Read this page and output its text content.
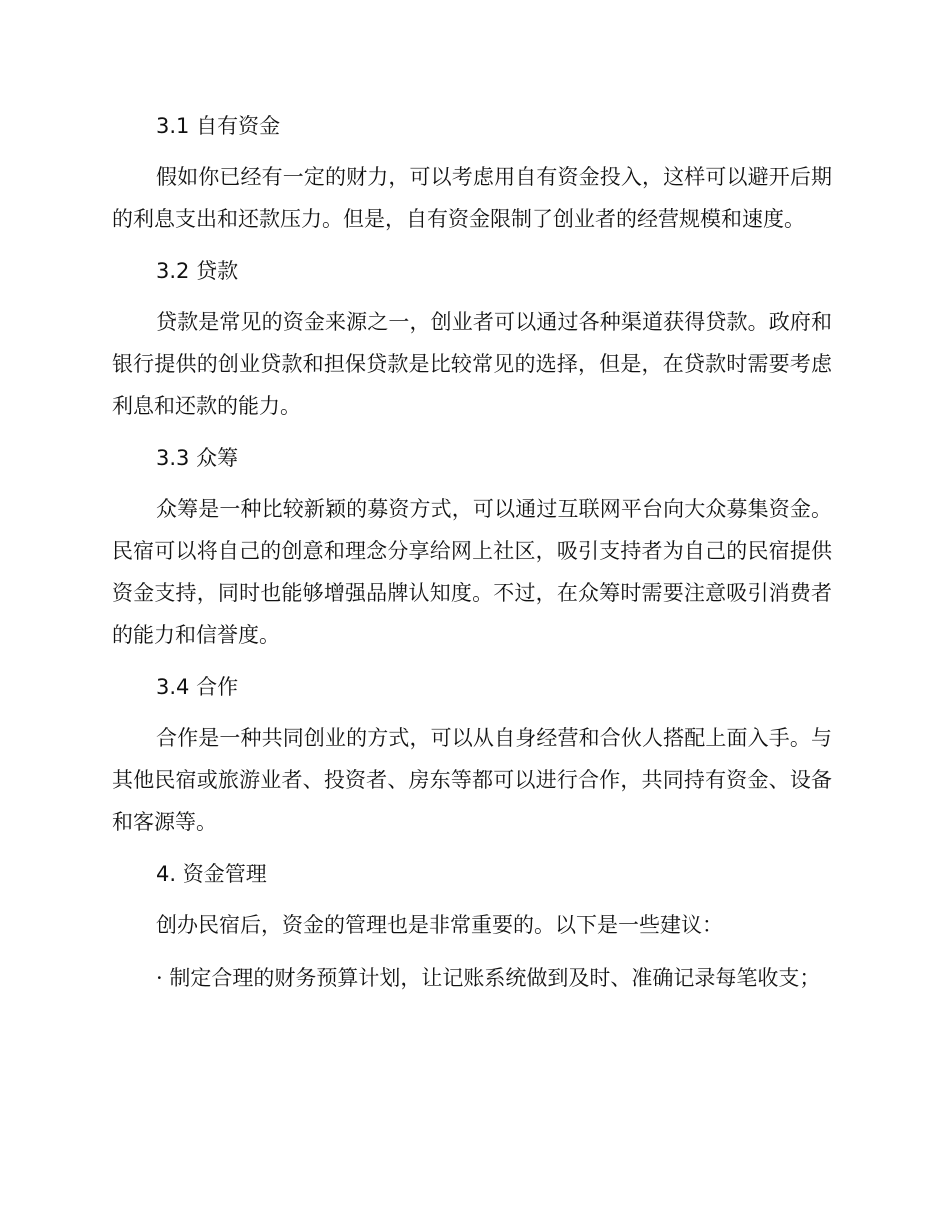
3.1 自有资金

假如你已经有一定的财力，可以考虑用自有资金投入，这样可以避开后期的利息支出和还款压力。但是，自有资金限制了创业者的经营规模和速度。

3.2 贷款

贷款是常见的资金来源之一，创业者可以通过各种渠道获得贷款。政府和银行提供的创业贷款和担保贷款是比较常见的选择，但是，在贷款时需要考虑利息和还款的能力。

3.3 众筹

众筹是一种比较新颖的募资方式，可以通过互联网平台向大众募集资金。民宿可以将自己的创意和理念分享给网上社区，吸引支持者为自己的民宿提供资金支持，同时也能够增强品牌认知度。不过，在众筹时需要注意吸引消费者的能力和信誉度。

3.4 合作

合作是一种共同创业的方式，可以从自身经营和合伙人搭配上面入手。与其他民宿或旅游业者、投资者、房东等都可以进行合作，共同持有资金、设备和客源等。

4. 资金管理

创办民宿后，资金的管理也是非常重要的。以下是一些建议：

· 制定合理的财务预算计划，让记账系统做到及时、准确记录每笔收支；
